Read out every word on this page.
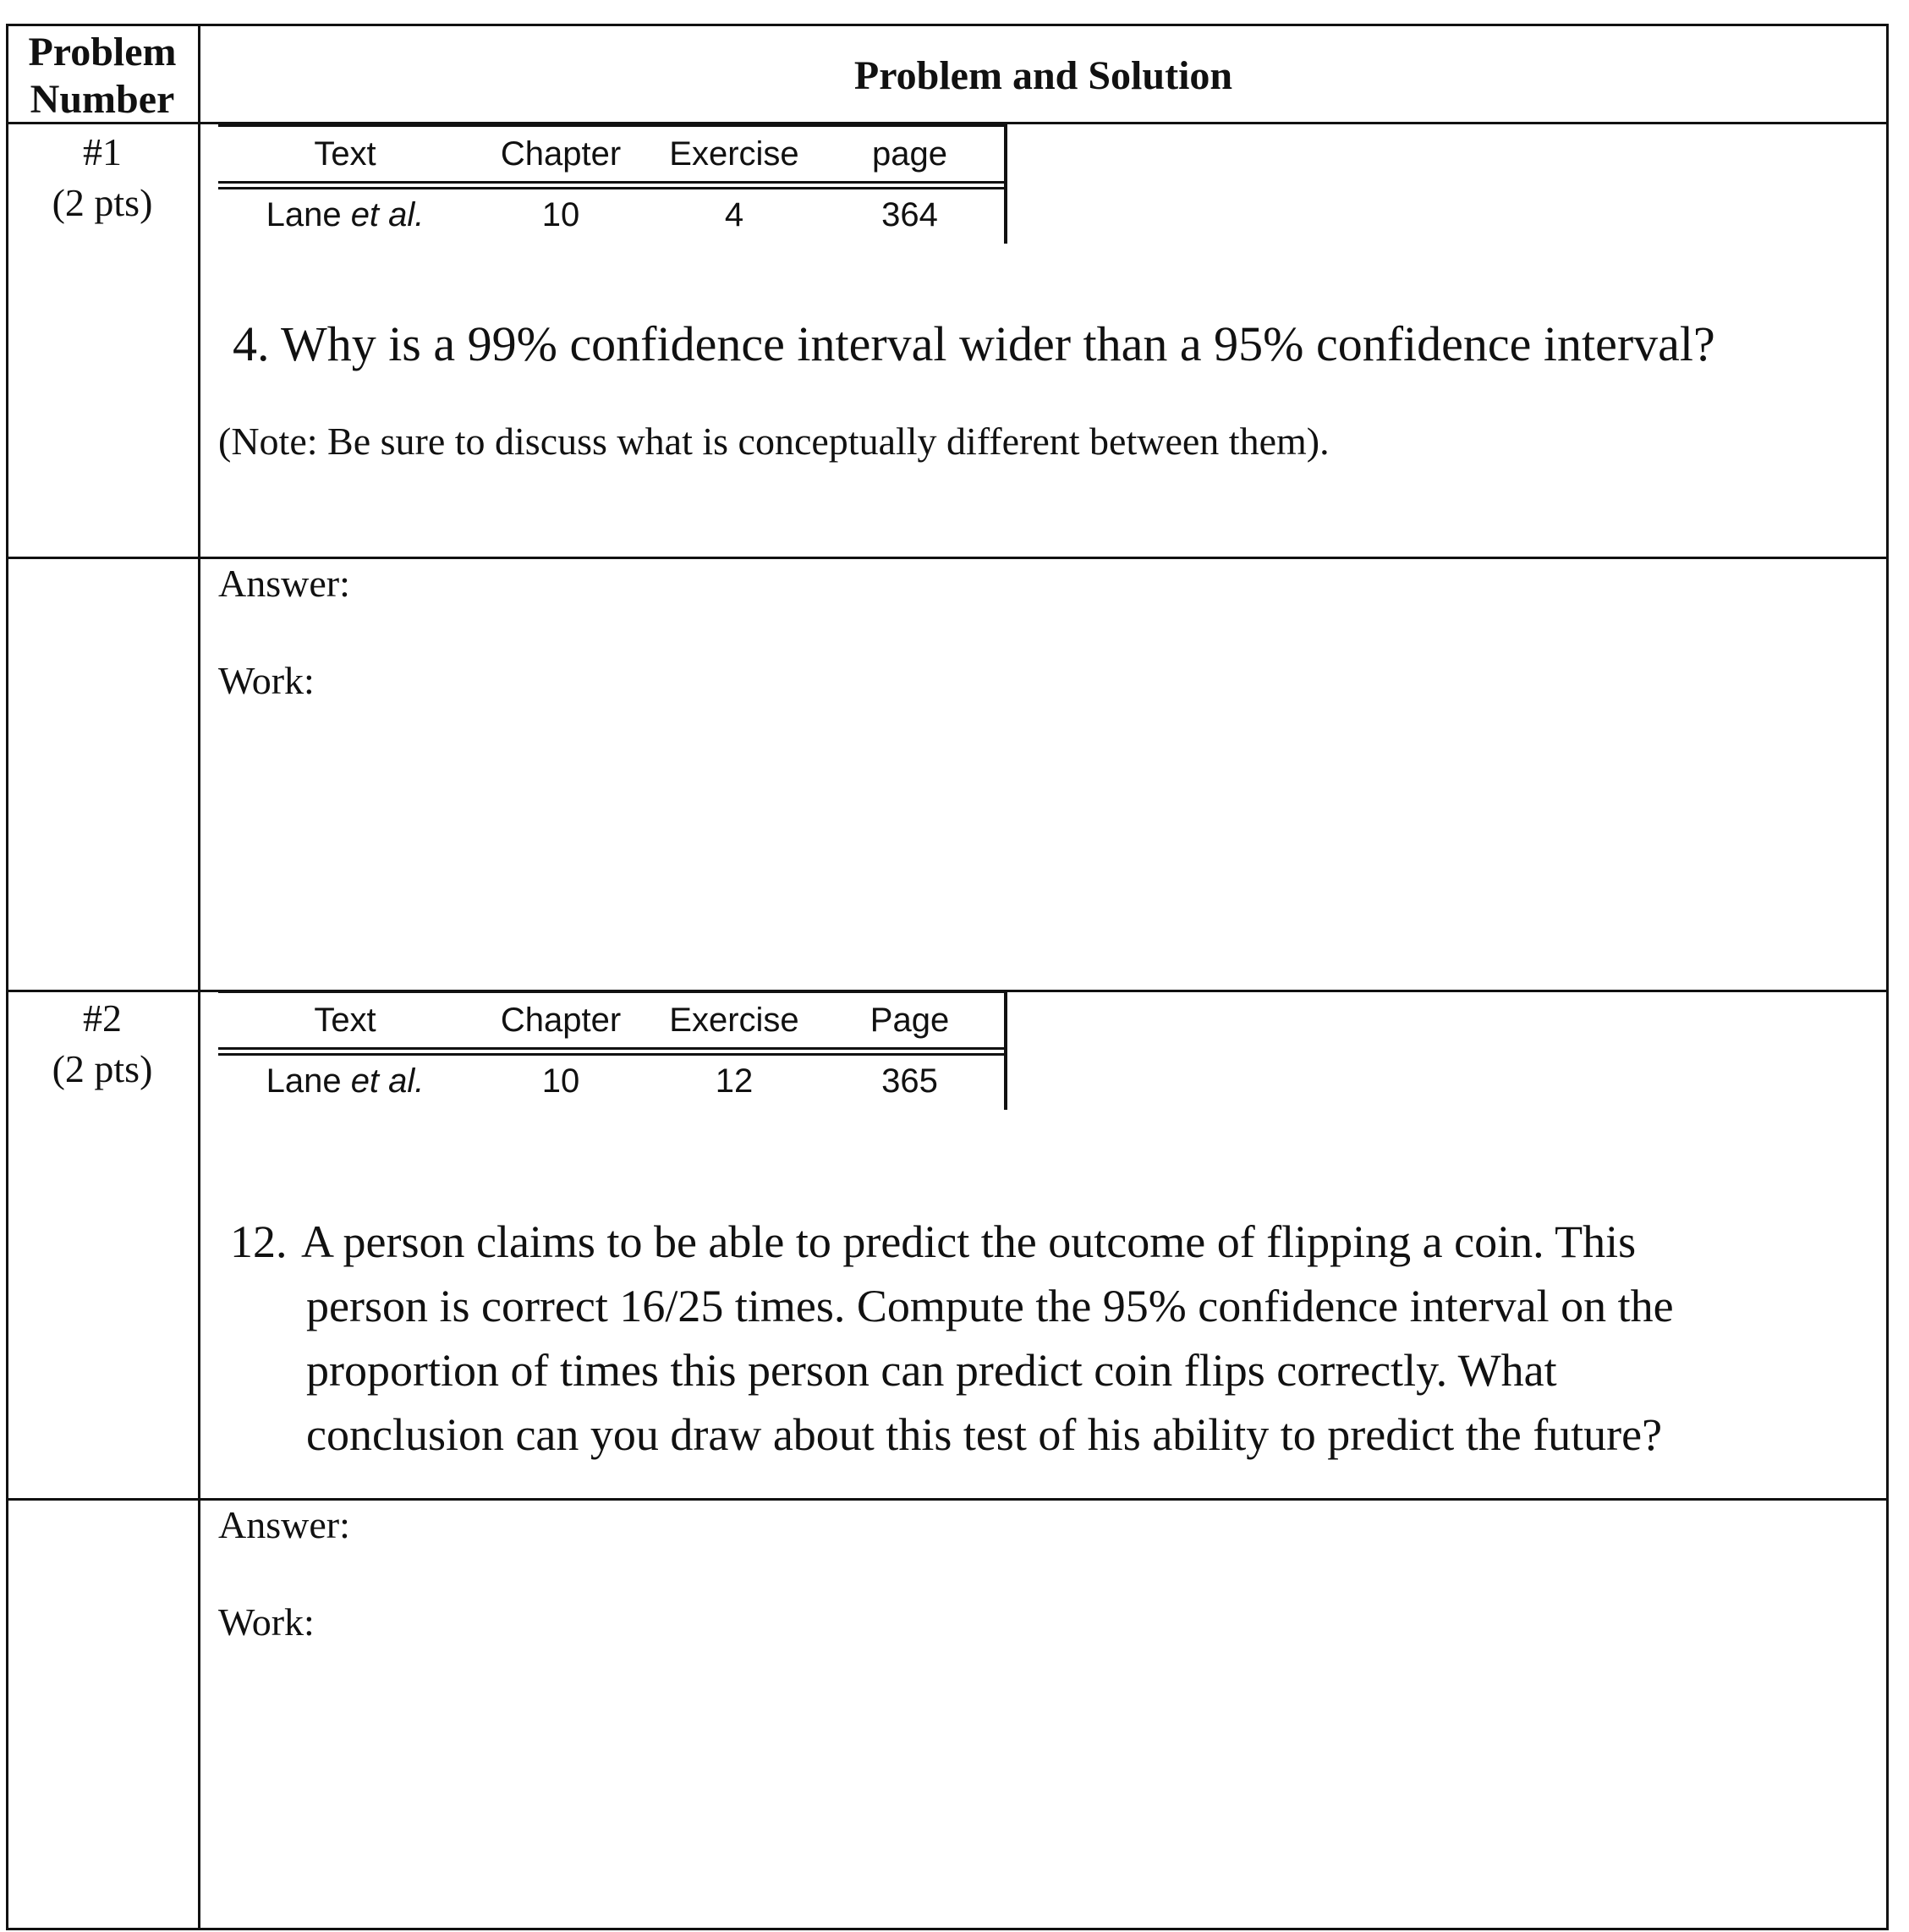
Problem
Number
Problem and Solution
#1
(2 pts)
Text	Chapter	Exercise	page
Lane et al.	10	4	364
4. Why is a 99% confidence interval wider than a 95% confidence interval?
(Note: Be sure to discuss what is conceptually different between them).
Answer:
Work:
#2
(2 pts)
Text	Chapter	Exercise	Page
Lane et al.	10	12	365
12. A person claims to be able to predict the outcome of flipping a coin. This
person is correct 16/25 times. Compute the 95% confidence interval on the
proportion of times this person can predict coin flips correctly. What
conclusion can you draw about this test of his ability to predict the future?
Answer:
Work:
